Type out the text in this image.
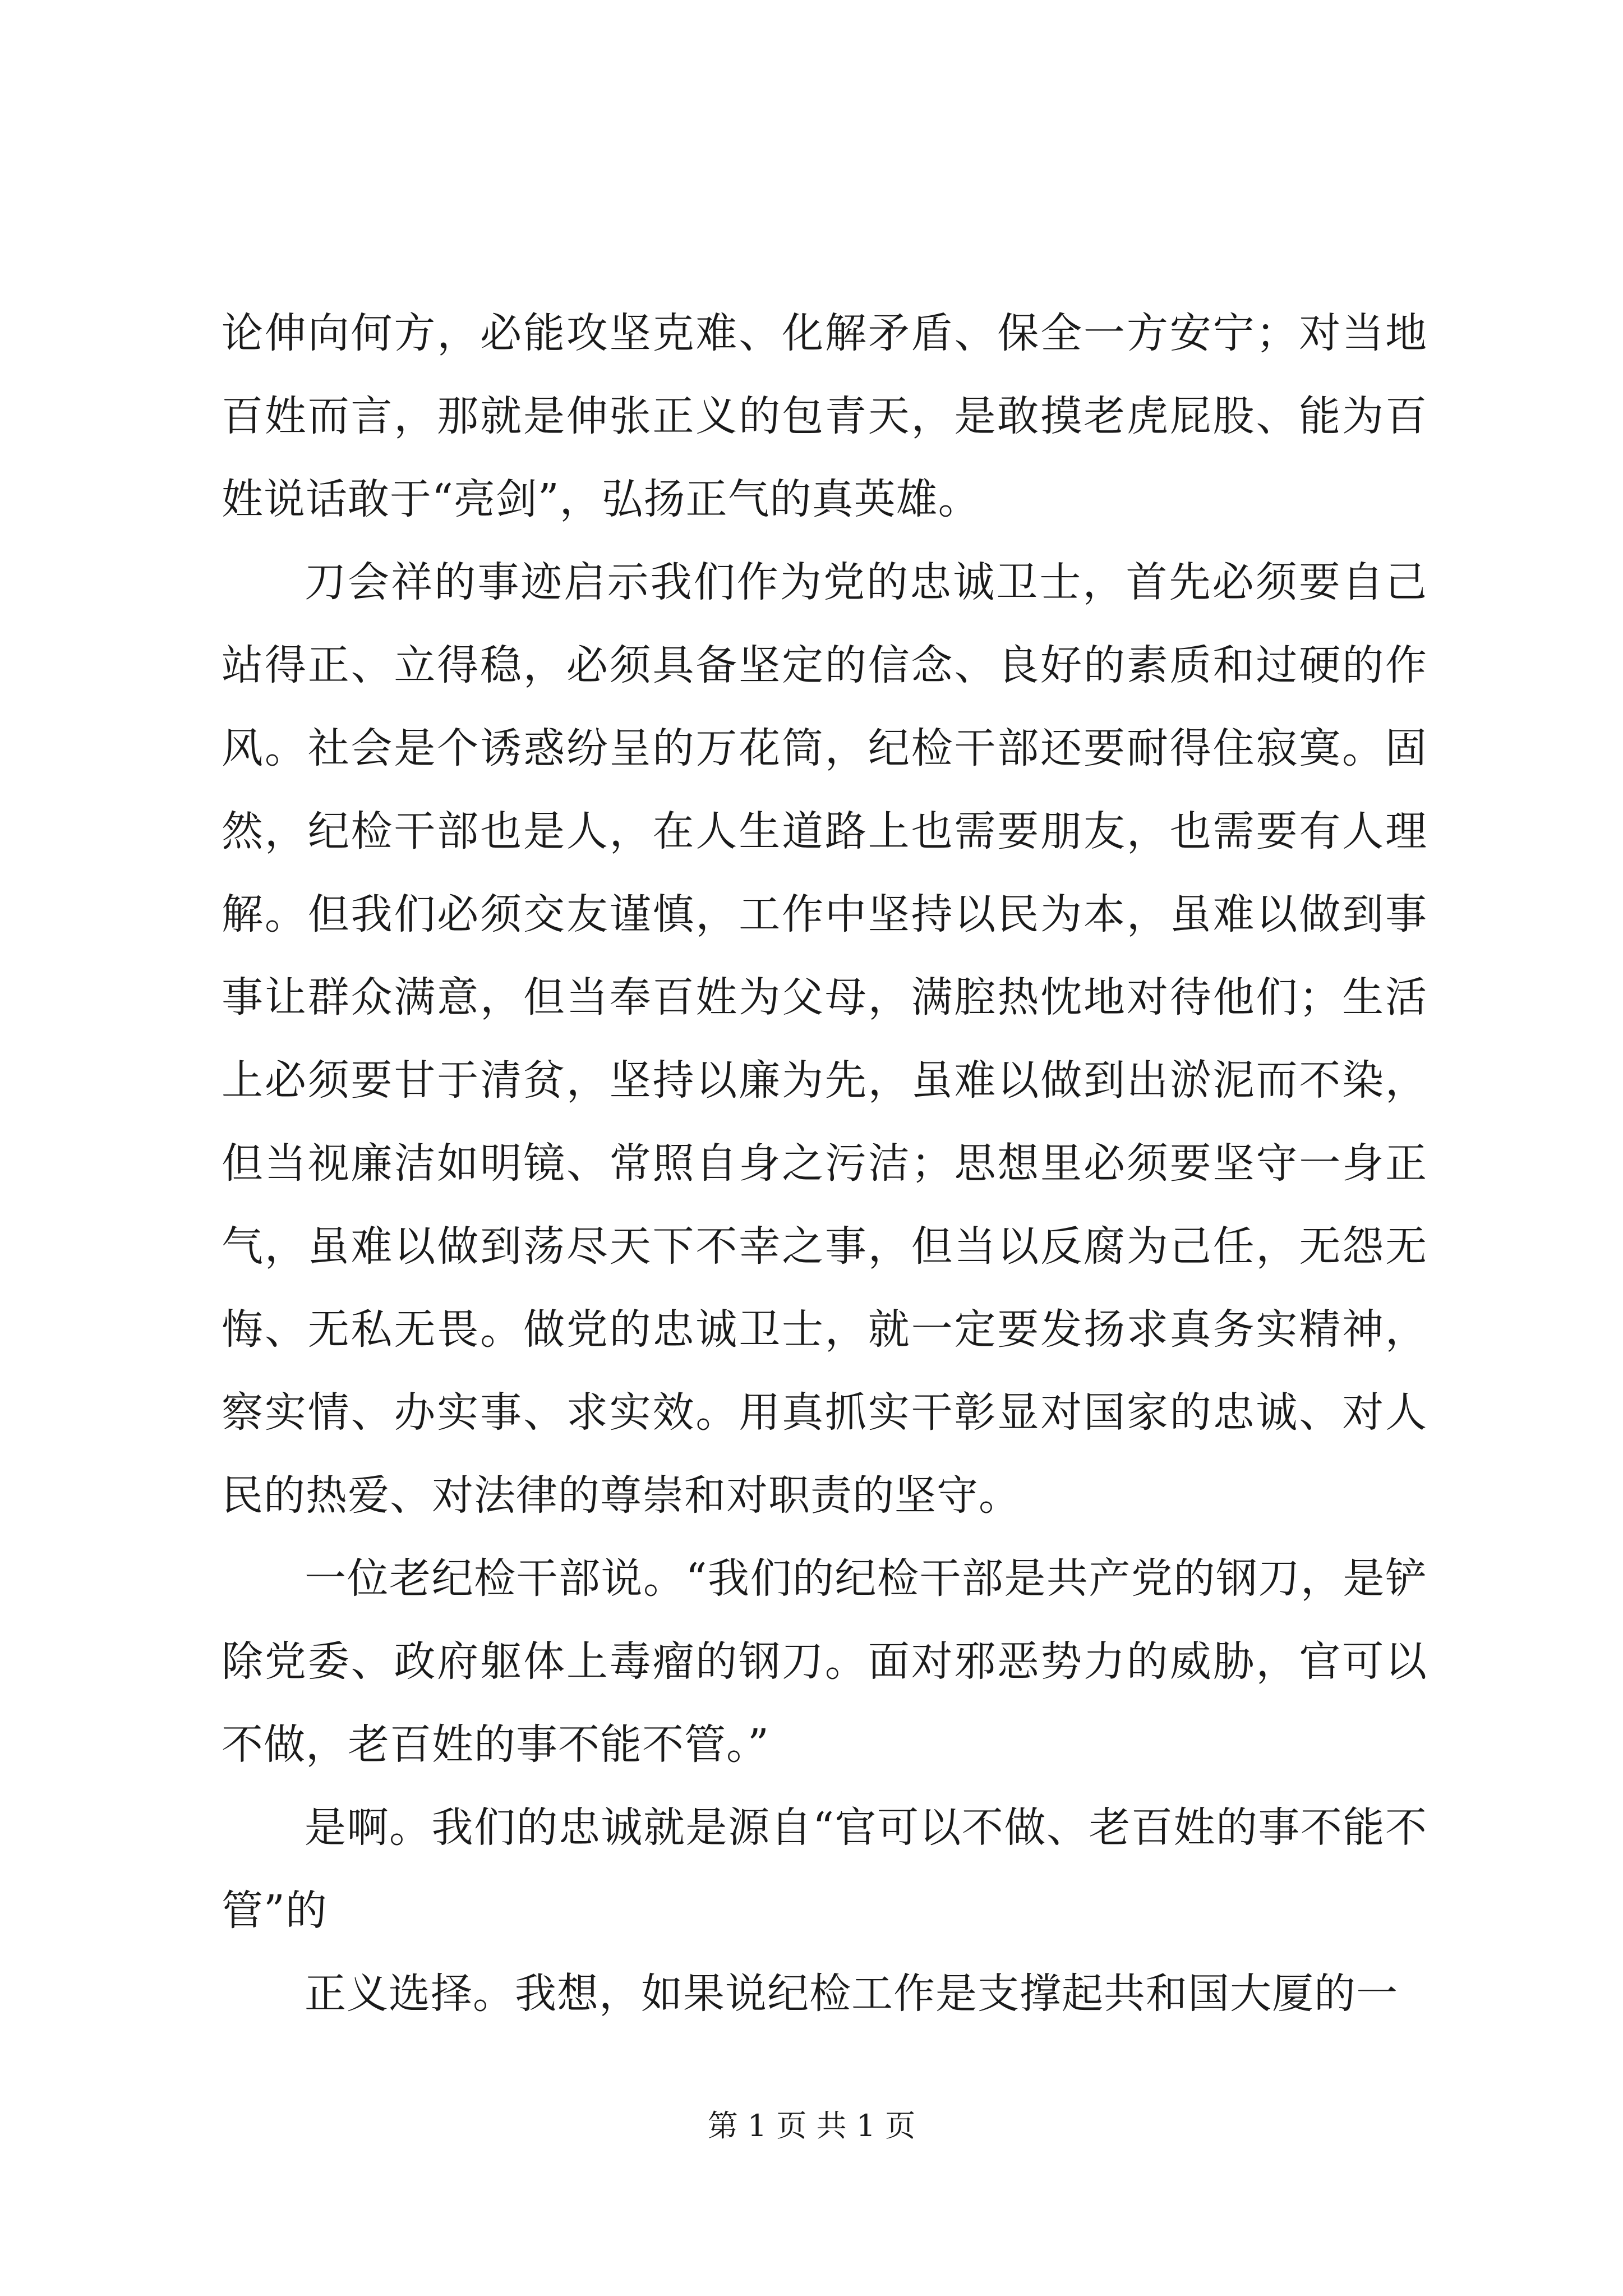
论伸向何方，必能攻坚克难、化解矛盾、保全一方安宁；对当地百姓而言，那就是伸张正义的包青天，是敢摸老虎屁股、能为百姓说话敢于“亮剑”，弘扬正气的真英雄。

刀会祥的事迹启示我们作为党的忠诚卫士，首先必须要自己站得正、立得稳，必须具备坚定的信念、良好的素质和过硬的作风。社会是个诱惑纷呈的万花筒，纪检干部还要耐得住寂寞。固然，纪检干部也是人，在人生道路上也需要朋友，也需要有人理解。但我们必须交友谨慎，工作中坚持以民为本，虽难以做到事事让群众满意，但当奉百姓为父母，满腔热忱地对待他们；生活上必须要甘于清贫，坚持以廉为先，虽难以做到出淤泥而不染，但当视廉洁如明镜、常照自身之污洁；思想里必须要坚守一身正气，虽难以做到荡尽天下不幸之事，但当以反腐为己任，无怨无悔、无私无畏。做党的忠诚卫士，就一定要发扬求真务实精神，察实情、办实事、求实效。用真抓实干彰显对国家的忠诚、对人民的热爱、对法律的尊崇和对职责的坚守。

一位老纪检干部说。“我们的纪检干部是共产党的钢刀，是铲除党委、政府躯体上毒瘤的钢刀。面对邪恶势力的威胁，官可以不做，老百姓的事不能不管。”

是啊。我们的忠诚就是源自“官可以不做、老百姓的事不能不管”的

正义选择。我想，如果说纪检工作是支撑起共和国大厦的一

第 1 页 共 1 页
